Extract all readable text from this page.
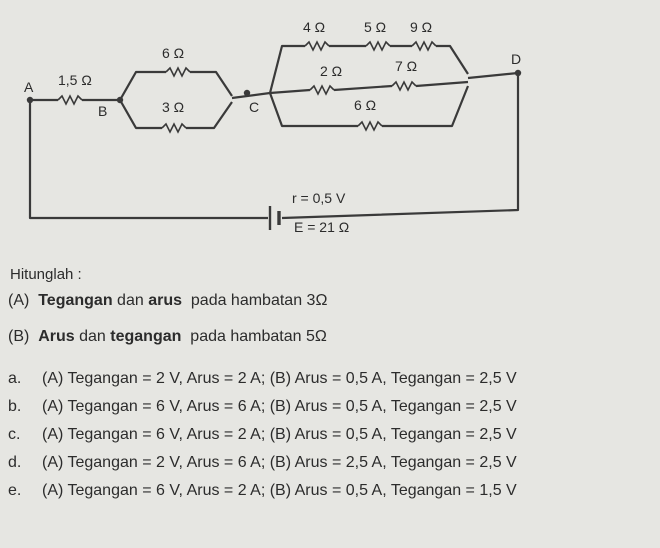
A
B	C
D
1,5 Ω
6 Ω
3 Ω
4 Ω	5 Ω 9 Ω
2 Ω	7 Ω
6 Ω
r = 0,5 V
E = 21 Ω
Hitunglah :
(A) Tegangan dan arus pada hambatan 3Ω
(B) Arus dan tegangan pada hambatan 5Ω
a. (A) Tegangan = 2 V, Arus = 2 A; (B) Arus = 0,5 A, Tegangan = 2,5 V
b. (A) Tegangan = 6 V, Arus = 6 A; (B) Arus = 0,5 A, Tegangan = 2,5 V
c. (A) Tegangan = 6 V, Arus = 2 A; (B) Arus = 0,5 A, Tegangan = 2,5 V
d. (A) Tegangan = 2 V, Arus = 6 A; (B) Arus = 2,5 A, Tegangan = 2,5 V
e. (A) Tegangan = 6 V, Arus = 2 A; (B) Arus = 0,5 A, Tegangan = 1,5 V
